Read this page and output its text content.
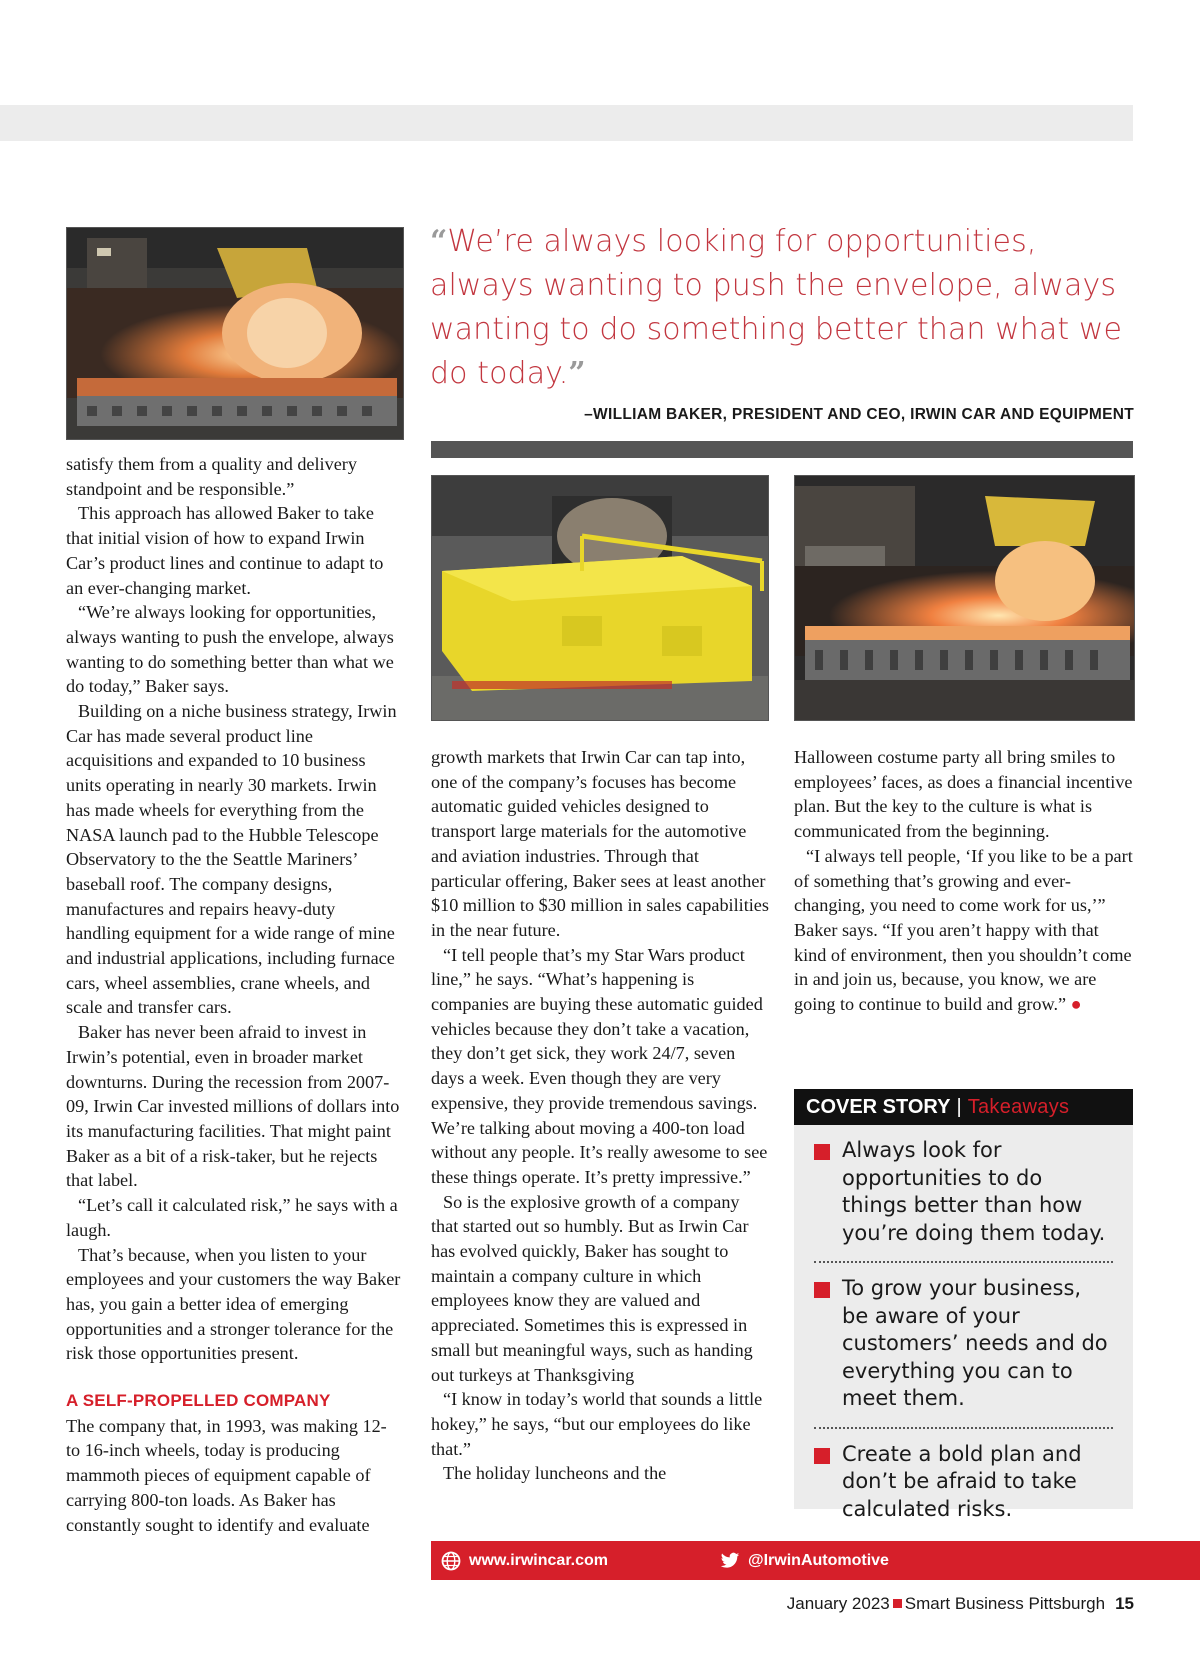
“We’re always looking for opportunities, always wanting to push the envelope, always wanting to do something better than what we do today.”
–WILLIAM BAKER, PRESIDENT AND CEO, IRWIN CAR AND EQUIPMENT

satisfy them from a quality and delivery standpoint and be responsible.”

This approach has allowed Baker to take that initial vision of how to expand Irwin Car’s product lines and continue to adapt to an ever-changing market.

“We’re always looking for opportunities, always wanting to push the envelope, always wanting to do something better than what we do today,” Baker says.

Building on a niche business strategy, Irwin Car has made several product line acquisitions and expanded to 10 business units operating in nearly 30 markets. Irwin has made wheels for everything from the NASA launch pad to the Hubble Telescope Observatory to the the Seattle Mariners’ baseball roof. The company designs, manufactures and repairs heavy-duty handling equipment for a wide range of mine and industrial applications, including furnace cars, wheel assemblies, crane wheels, and scale and transfer cars.

Baker has never been afraid to invest in Irwin’s potential, even in broader market downturns. During the recession from 2007-09, Irwin Car invested millions of dollars into its manufacturing facilities. That might paint Baker as a bit of a risk-taker, but he rejects that label.

“Let’s call it calculated risk,” he says with a laugh.

That’s because, when you listen to your employees and your customers the way Baker has, you gain a better idea of emerging opportunities and a stronger tolerance for the risk those opportunities present.

A SELF-PROPELLED COMPANY

The company that, in 1993, was making 12- to 16-inch wheels, today is producing mammoth pieces of equipment capable of carrying 800-ton loads. As Baker has constantly sought to identify and evaluate

growth markets that Irwin Car can tap into, one of the company’s focuses has become automatic guided vehicles designed to transport large materials for the automotive and aviation industries. Through that particular offering, Baker sees at least another $10 million to $30 million in sales capabilities in the near future.

“I tell people that’s my Star Wars product line,” he says. “What’s happening is companies are buying these automatic guided vehicles because they don’t take a vacation, they don’t get sick, they work 24/7, seven days a week. Even though they are very expensive, they provide tremendous savings. We’re talking about moving a 400-ton load without any people. It’s really awesome to see these things operate. It’s pretty impressive.”

So is the explosive growth of a company that started out so humbly. But as Irwin Car has evolved quickly, Baker has sought to maintain a company culture in which employees know they are valued and appreciated. Sometimes this is expressed in small but meaningful ways, such as handing out turkeys at Thanksgiving

“I know in today’s world that sounds a little hokey,” he says, “but our employees do like that.”

The holiday luncheons and the

Halloween costume party all bring smiles to employees’ faces, as does a financial incentive plan. But the key to the culture is what is communicated from the beginning.

“I always tell people, ‘If you like to be a part of something that’s growing and ever-changing, you need to come work for us,’” Baker says. “If you aren’t happy with that kind of environment, then you shouldn’t come in and join us, because, you know, we are going to continue to build and grow.” ●

COVER STORY | Takeaways
Always look for opportunities to do things better than how you’re doing them today.
To grow your business, be aware of your customers’ needs and do everything you can to meet them.
Create a bold plan and don’t be afraid to take calculated risks.
www.irwincar.com	@IrwinAutomotive
January 2023 Smart Business Pittsburgh 15
